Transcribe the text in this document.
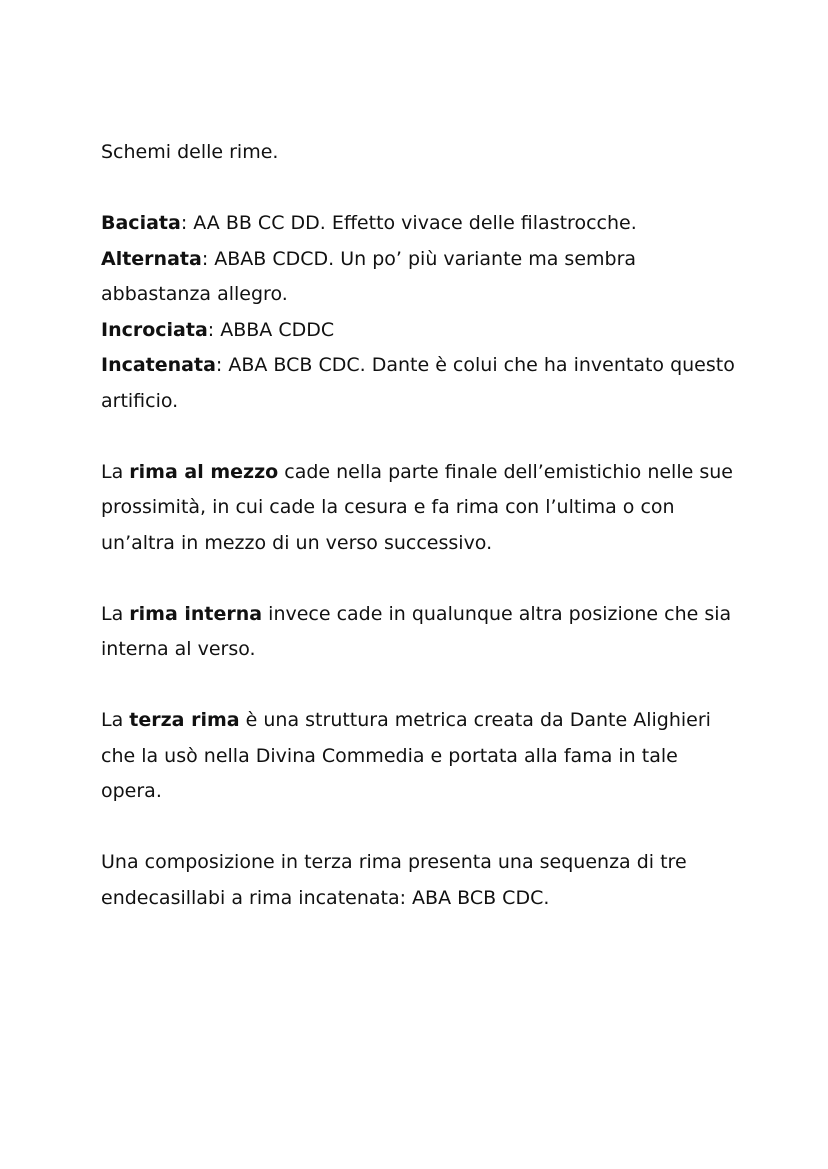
Schemi delle rime.

Baciata: AA BB CC DD. Effetto vivace delle filastrocche.

Alternata: ABAB CDCD. Un po’ più variante ma sembra abbastanza allegro.

Incrociata: ABBA CDDC

Incatenata: ABA BCB CDC. Dante è colui che ha inventato questo artificio.

La rima al mezzo cade nella parte finale dell’emistichio nelle sue prossimità, in cui cade la cesura e fa rima con l’ultima o con un’altra in mezzo di un verso successivo.

La rima interna invece cade in qualunque altra posizione che sia interna al verso.

La terza rima è una struttura metrica creata da Dante Alighieri che la usò nella Divina Commedia e portata alla fama in tale opera.

Una composizione in terza rima presenta una sequenza di tre endecasillabi a rima incatenata: ABA BCB CDC.
